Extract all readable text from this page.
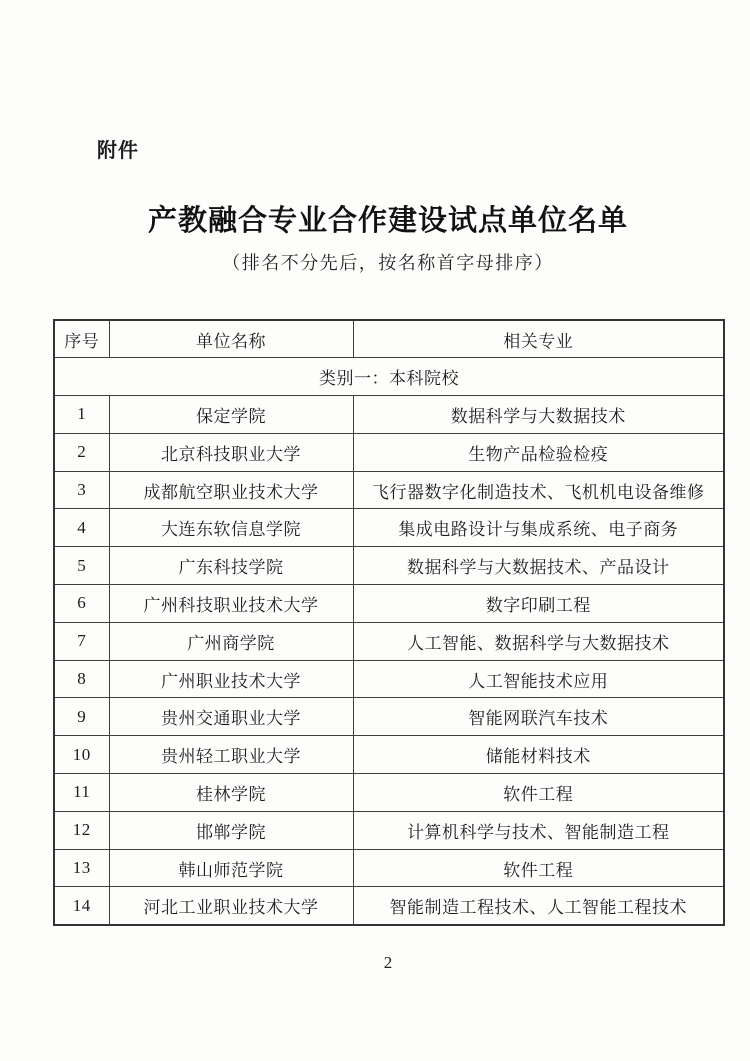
附件
产教融合专业合作建设试点单位名单
（排名不分先后，按名称首字母排序）
序号	单位名称	相关专业
类别一：本科院校		
1	保定学院	数据科学与大数据技术
2	北京科技职业大学	生物产品检验检疫
3	成都航空职业技术大学	飞行器数字化制造技术、飞机机电设备维修
4	大连东软信息学院	集成电路设计与集成系统、电子商务
5	广东科技学院	数据科学与大数据技术、产品设计
6	广州科技职业技术大学	数字印刷工程
7	广州商学院	人工智能、数据科学与大数据技术
8	广州职业技术大学	人工智能技术应用
9	贵州交通职业大学	智能网联汽车技术
10	贵州轻工职业大学	储能材料技术
11	桂林学院	软件工程
12	邯郸学院	计算机科学与技术、智能制造工程
13	韩山师范学院	软件工程
14	河北工业职业技术大学	智能制造工程技术、人工智能工程技术
2
